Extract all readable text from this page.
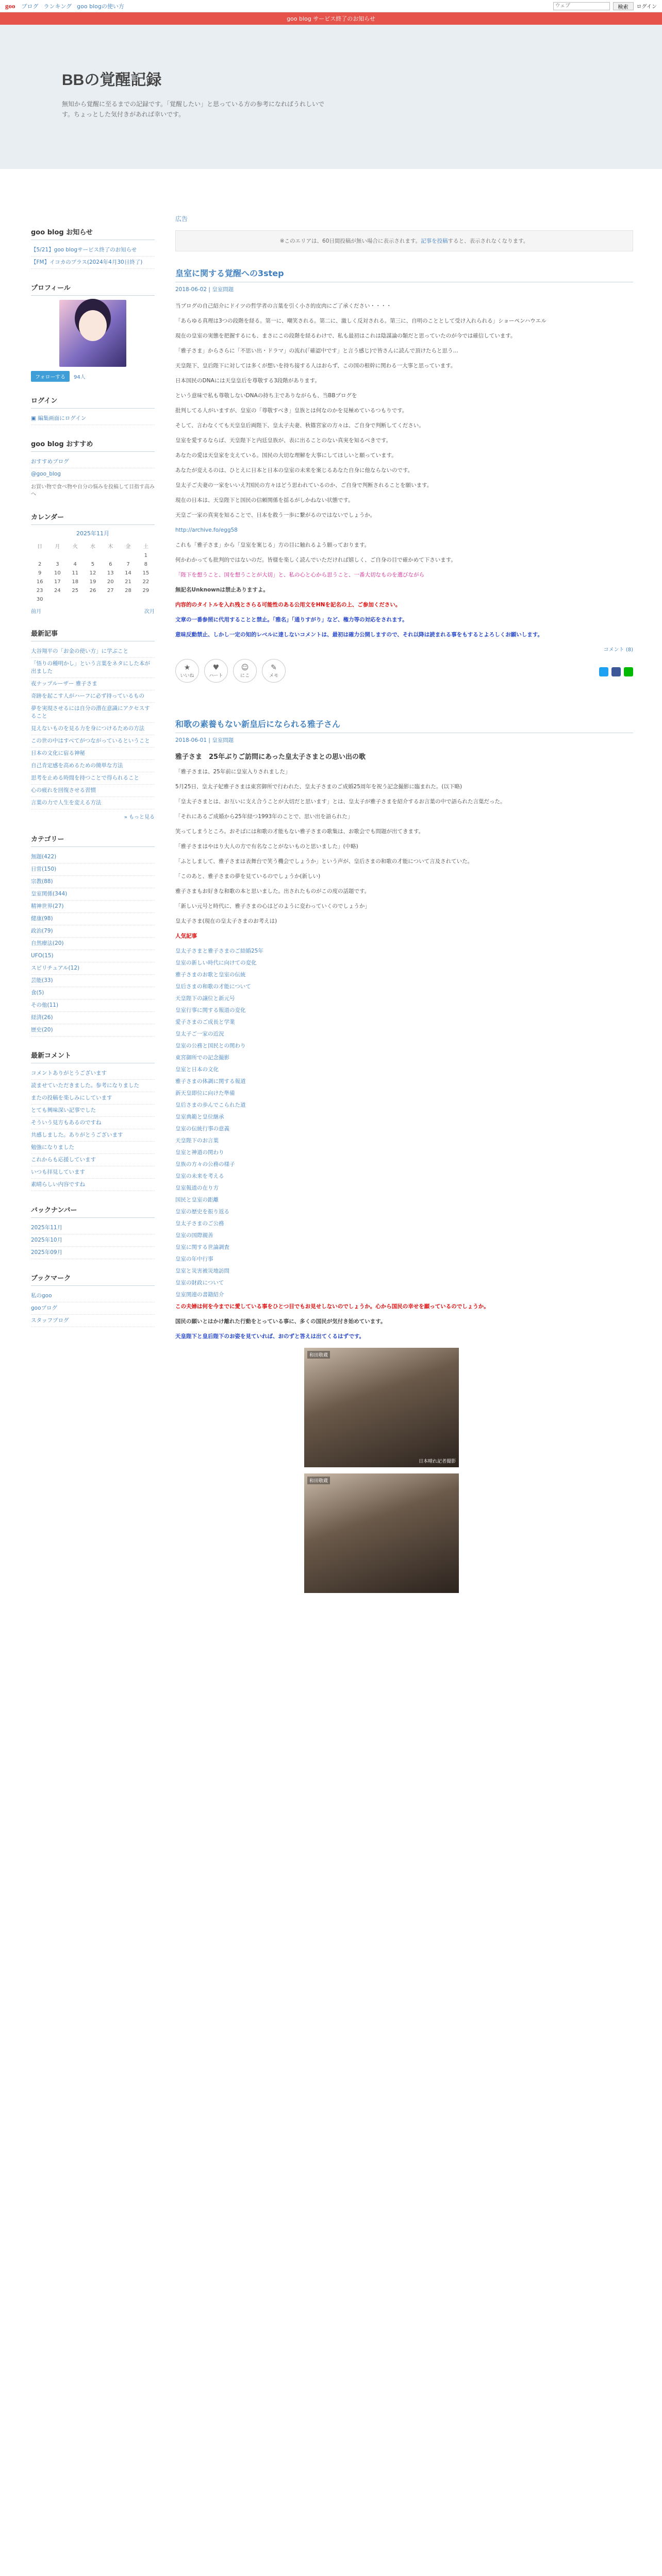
goo ブログ ランキング goo blogの使い方
ウェブ	検索	ログイン
goo blog サービス終了のお知らせ
BBの覚醒記録

無知から覚醒に至るまでの記録です。「覚醒したい」と思っている方の参考になればうれしいです。ちょっとした気付きがあれば幸いです。

goo blog お知らせ
【5/21】goo blogサービス終了のお知らせ
【FM】イコカのプラス(2024年4月30日終了)
プロフィール
フォローする	94人
ログイン
▣ 編集画面にログイン
goo blog おすすめ
おすすめブログ
@goo_blog
お買い物で食べ物や自分の悩みを投稿して目指す高みへ
カレンダー
2025年11月
日	月	火	水	木	金	土
						1
2	3	4	5	6	7	8
9	10	11	12	13	14	15
16	17	18	19	20	21	22
23	24	25	26	27	28	29
30						
前月	次月
最新記事
大谷翔平の「お金の使い方」に学ぶこと
「悟りの種明かし」という言葉をネタにした本が出ました
夜ナップルーザー 雅子さま
奇跡を起こす人がハーフに必ず持っているもの
夢を実現させるには自分の潜在意識にアクセスすること
見えないものを見る力を身につけるための方法
この世の中はすべてがつながっているということ
日本の文化に宿る神秘
自己肯定感を高めるための簡単な方法
思考を止める時間を持つことで得られること
心の疲れを回復させる習慣
言葉の力で人生を変える方法
» もっと見る
カテゴリー
無題(422)
日常(150)
宗教(88)
皇室関係(344)
精神世界(27)
健康(98)
政治(79)
自然療法(20)
UFO(15)
スピリチュアル(12)
芸能(33)
食(5)
その他(11)
経済(26)
歴史(20)
最新コメント
コメントありがとうございます
読ませていただきました。参考になりました
またの投稿を楽しみにしています
とても興味深い記事でした
そういう見方もあるのですね
共感しました。ありがとうございます
勉強になりました
これからも応援しています
いつも拝見しています
素晴らしい内容ですね
バックナンバー
2025年11月
2025年10月
2025年09月
ブックマーク
私のgoo
gooブログ
スタッフブログ
広告
※このエリアは、60日間投稿が無い場合に表示されます。記事を投稿すると、表示されなくなります。
皇室に関する覚醒への3step
2018-06-02 | 皇室問題

当ブログの自己紹介にドイツの哲学者の言葉を引く小さ的皮肉にご了承ください・・・・

「あらゆる真理は3つの段階を経る。第一に、嘲笑される。第二に、激しく反対される。第三に、自明のこととして受け入れられる」ショーペンハウエル

現在の皇室の実態を把握するにも、まさにこの段階を経るわけで、私も最初はこれは陰謀論の類だと思っていたのが今では確信しています。

「雅子さま」からさらに「不思い出・ドラマ」の流れ(「確認中です」と言う感じ)で皆さんに読んで頂けたらと思う…

天皇陛下、皇后陛下に対しては多くが想いを持ち接する人はおらず、この国の根幹に関わる一大事と思っています。

日本国民のDNAには天皇皇后を尊敬する3段階があります。

という意味で私も尊敬しないDNAの持ち主でありながらも、当BBブログを

批判してる人がいますが、皇室の「尊敬すべき」皇族とは何なのかを見極めているつもりです。

そして、言わなくても天皇皇后両陛下、皇太子夫妻、秋篠宮家の方々は、ご自身で判断してください。

皇室を愛するならば、天皇陛下と内廷皇族が、表に出ることのない真実を知るべきです。

あなたの愛は天皇家を支えている。国民の大切な理解を大事にしてほしいと願っています。

あなたが変えるのは、ひとえに日本と日本の皇室の未来を案じるあなた自身に他ならないのです。

皇太子ご夫妻の一家をいいえ?国民の方々はどう思われているのか、ご自身で判断されることを願います。

現在の日本は、天皇陛下と国民の信頼関係を揺るがしかねない状態です。

天皇ご一家の真実を知ることで、日本を救う一歩に繋がるのではないでしょうか。

http://archive.fo/egg58

これも「雅子さま」から「皇室を案じる」方の目に触れるよう願っております。

何かわかっても批判的ではないのだ。皆様を楽しく読んでいただければ嬉しく、ご自身の目で確かめて下さいます。

「陛下を想うこと、国を想うことが大切」と、私の心と心から思うこと、一番大切なものを選びながら

無記名Unknownは禁止ありますよ。

内容的のタイトルを入れ残とさらる可能性のある公用文をHNを記名の上、ご参加ください。

文章の一番参照に代用することと禁止。「雅名」「通りすがり」など、権力等の対応をされます。

意味反動禁止、しかし一定の知的レベルに達しないコメントは、最初は確力公開しますので、それ以降は読まれる事をもするとよろしくお願いします。

コメント (8)
★
いいね
♥
ハート
☺
にこ
✎
メモ
和歌の素養もない新皇后になられる雅子さん
2018-06-01 | 皇室問題

雅子さま　25年ぶりご訪問にあった皇太子さまとの思い出の歌

「雅子さまは、25年前に皇室入りされました」

5月25日、皇太子妃雅子さまは東宮御所で行われた、皇太子さまのご成婚25周年を祝う記念撮影に臨まれた。(以下略)

「皇太子さまとは、お互いに支え合うことが大切だと思います」とは、皇太子が雅子さまを紹介するお言葉の中で語られた言葉だった。

「それにあるご成婚から25年経つ1993年のことで、思い出を語られた」

笑ってしまうところ。おそばには和歌の才能もない雅子さまの歌集は、お歌会でも問題が出てきます。

「雅子さまはやはり大人の方で有名なことがないものと思いました」(中略)

「ふとしまして、雅子さまは表舞台で笑う機会でしょうか」という声が、皇后さまの和歌の才能について言及されていた。

「このあと、雅子さまの夢を見ているのでしょうか(新しい)

雅子さまもお好きな和歌の本と思いました。出されたものがこの度の話題です。

「新しい元号と時代に、雅子さまの心はどのように変わっていくのでしょうか」

皇太子さま(現在の皇太子さまのお考えは)

人気記事

皇太子さまと雅子さまのご結婚25年

皇室の新しい時代に向けての変化

雅子さまのお歌と皇室の伝統

皇后さまの和歌の才能について

天皇陛下の譲位と新元号

皇室行事に関する報道の変化

愛子さまのご成長と学業

皇太子ご一家の近況

皇室の公務と国民との関わり

東宮御所での記念撮影

皇室と日本の文化

雅子さまの体調に関する報道

新天皇即位に向けた準備

皇后さまの歩んでこられた道

皇室典範と皇位継承

皇室の伝統行事の意義

天皇陛下のお言葉

皇室と神道の関わり

皇族の方々の公務の様子

皇室の未来を考える

皇室報道の在り方

国民と皇室の距離

皇室の歴史を振り返る

皇太子さまのご公務

皇室の国際親善

皇室に関する世論調査

皇室の年中行事

皇室と災害被災地訪問

皇室の財政について

皇室関連の書籍紹介

この夫婦は何を今までに愛している事をひとつ目でもお見せしないのでしょうか。心から国民の幸せを願っているのでしょうか。

国民の願いとはかけ離れた行動をとっている事に、多くの国民が気付き始めています。

天皇陛下と皇后陛下のお姿を見ていれば、おのずと答えは出てくるはずです。

和田敬蔵
日本晴れ記者撮影
和田敬蔵
